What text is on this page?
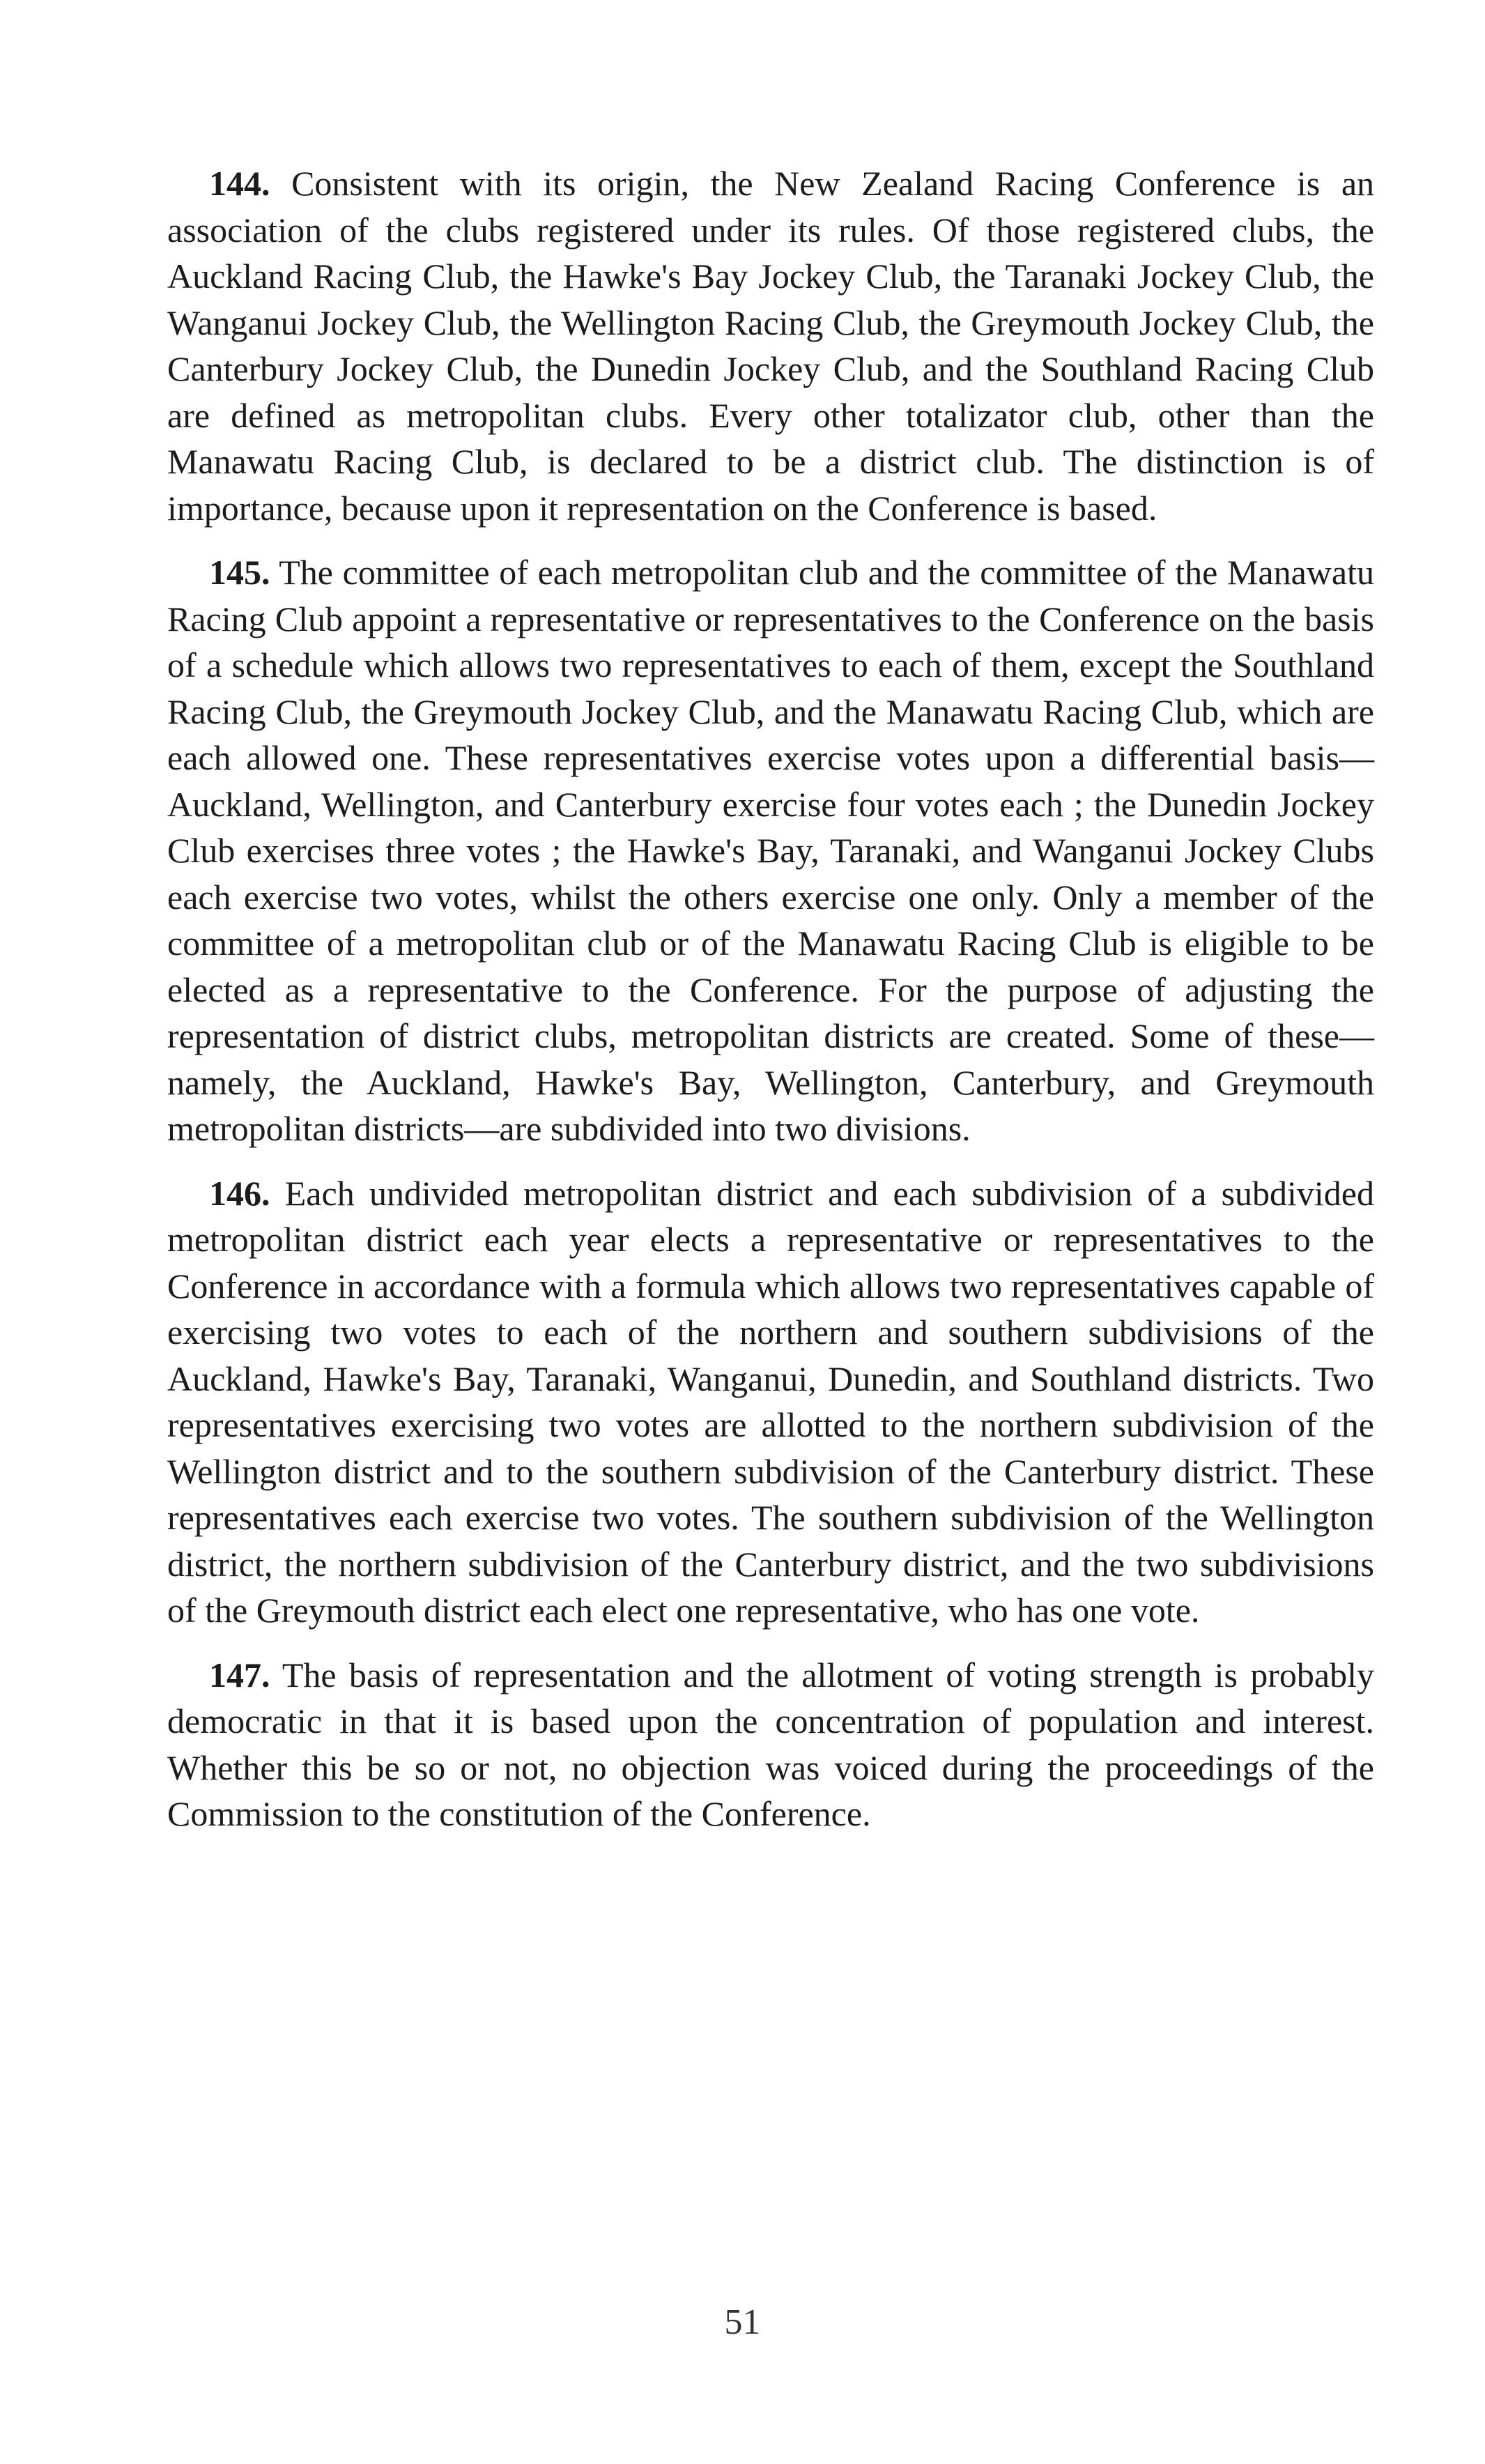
144. Consistent with its origin, the New Zealand Racing Conference is an association of the clubs registered under its rules. Of those registered clubs, the Auckland Racing Club, the Hawke's Bay Jockey Club, the Taranaki Jockey Club, the Wanganui Jockey Club, the Wellington Racing Club, the Greymouth Jockey Club, the Canterbury Jockey Club, the Dunedin Jockey Club, and the Southland Racing Club are defined as metropolitan clubs. Every other totalizator club, other than the Manawatu Racing Club, is declared to be a district club. The distinction is of importance, because upon it representation on the Conference is based.

145. The committee of each metropolitan club and the committee of the Manawatu Racing Club appoint a representative or representatives to the Conference on the basis of a schedule which allows two representatives to each of them, except the Southland Racing Club, the Greymouth Jockey Club, and the Manawatu Racing Club, which are each allowed one. These representatives exercise votes upon a differential basis—Auckland, Wellington, and Canterbury exercise four votes each ; the Dunedin Jockey Club exercises three votes ; the Hawke's Bay, Taranaki, and Wanganui Jockey Clubs each exercise two votes, whilst the others exercise one only. Only a member of the committee of a metropolitan club or of the Manawatu Racing Club is eligible to be elected as a representative to the Conference. For the purpose of adjusting the representation of district clubs, metropolitan districts are created. Some of these—namely, the Auckland, Hawke's Bay, Wellington, Canterbury, and Greymouth metropolitan districts—are subdivided into two divisions.

146. Each undivided metropolitan district and each subdivision of a subdivided metropolitan district each year elects a representative or representatives to the Conference in accordance with a formula which allows two representatives capable of exercising two votes to each of the northern and southern subdivisions of the Auckland, Hawke's Bay, Taranaki, Wanganui, Dunedin, and Southland districts. Two representatives exercising two votes are allotted to the northern subdivision of the Wellington district and to the southern subdivision of the Canterbury district. These representatives each exercise two votes. The southern subdivision of the Wellington district, the northern subdivision of the Canterbury district, and the two subdivisions of the Greymouth district each elect one representative, who has one vote.

147. The basis of representation and the allotment of voting strength is probably democratic in that it is based upon the concentration of population and interest. Whether this be so or not, no objection was voiced during the proceedings of the Commission to the constitution of the Conference.

51
